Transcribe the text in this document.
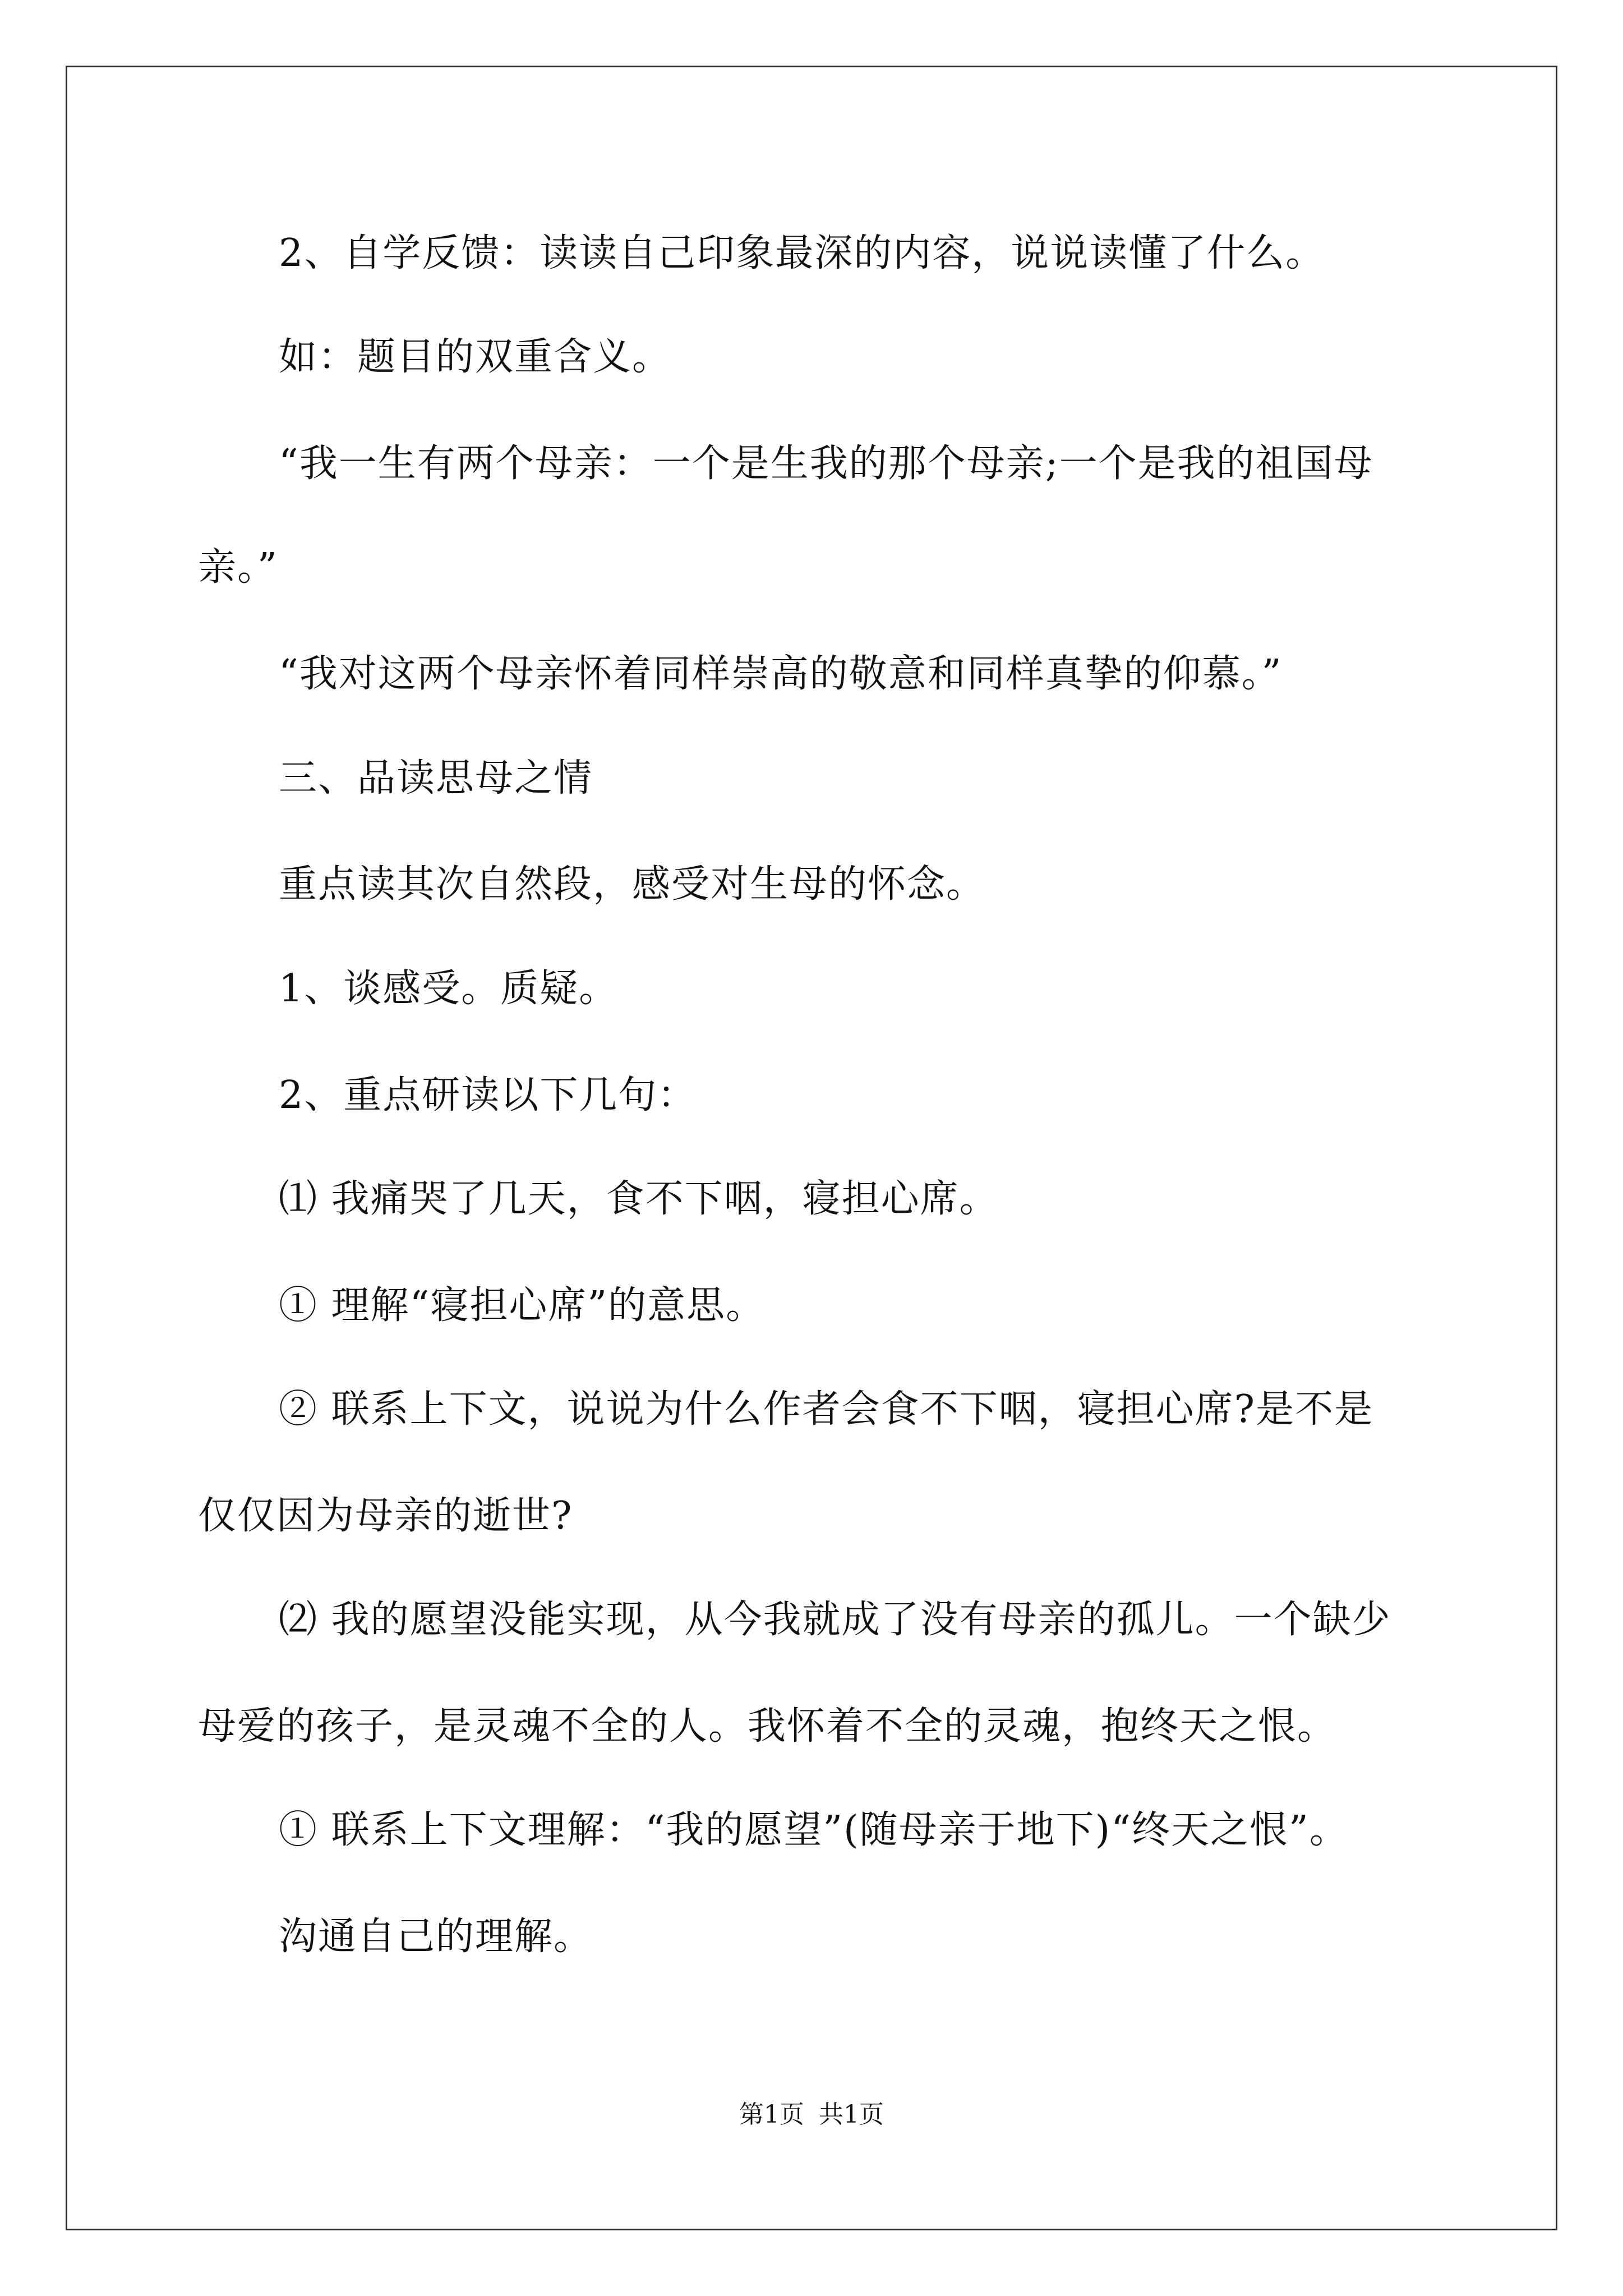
2、自学反馈：读读自己印象最深的内容，说说读懂了什么。
如：题目的双重含义。
“我一生有两个母亲：一个是生我的那个母亲;一个是我的祖国母
亲。”
“我对这两个母亲怀着同样崇高的敬意和同样真挚的仰慕。”
三、品读思母之情
重点读其次自然段，感受对生母的怀念。
1、谈感受。质疑。
2、重点研读以下几句：
⑴ 我痛哭了几天，食不下咽，寝担心席。
① 理解“寝担心席”的意思。
② 联系上下文，说说为什么作者会食不下咽，寝担心席?是不是
仅仅因为母亲的逝世?
⑵ 我的愿望没能实现，从今我就成了没有母亲的孤儿。一个缺少
母爱的孩子，是灵魂不全的人。我怀着不全的灵魂，抱终天之恨。
① 联系上下文理解：“我的愿望”(随母亲于地下)“终天之恨”。
沟通自己的理解。
第1页 共1页
